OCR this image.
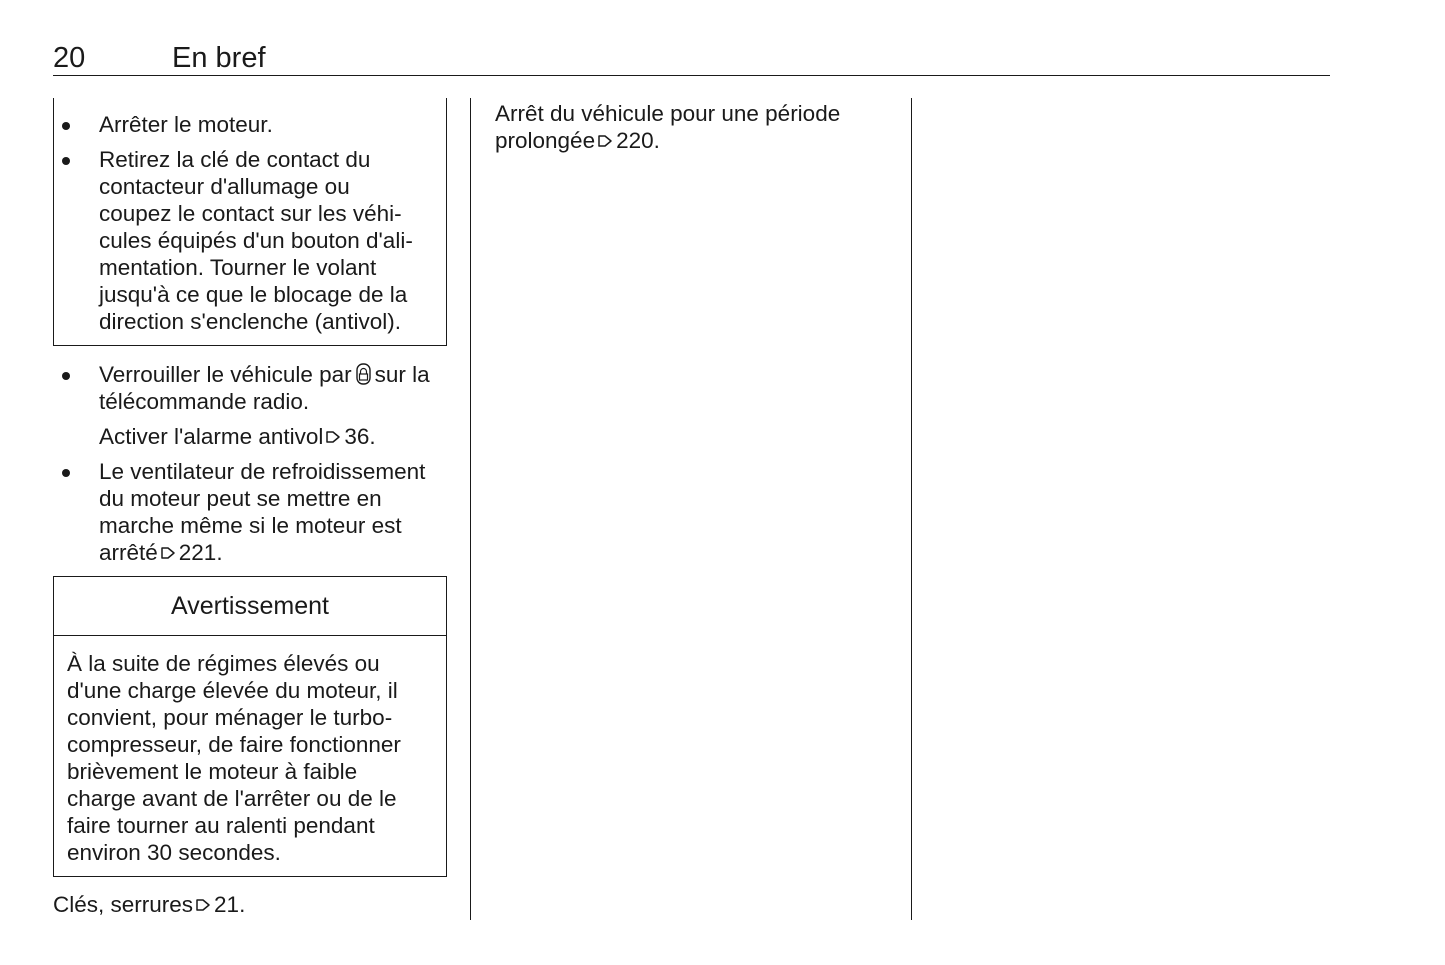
20	En bref
Arrêter le moteur.
Retirez la clé de contact du
contacteur d'allumage ou
coupez le contact sur les véhi-
cules équipés d'un bouton d'ali-
mentation. Tourner le volant
jusqu'à ce que le blocage de la
direction s'enclenche (antivol).
Verrouiller le véhicule par sur la
télécommande radio.
Activer l'alarme antivol 36.
Le ventilateur de refroidissement
du moteur peut se mettre en
marche même si le moteur est
arrêté 221.
Avertissement
À la suite de régimes élevés ou
d'une charge élevée du moteur, il
convient, pour ménager le turbo-
compresseur, de faire fonctionner
brièvement le moteur à faible
charge avant de l'arrêter ou de le
faire tourner au ralenti pendant
environ 30 secondes.
Clés, serrures 21.
Arrêt du véhicule pour une période
prolongée 220.
